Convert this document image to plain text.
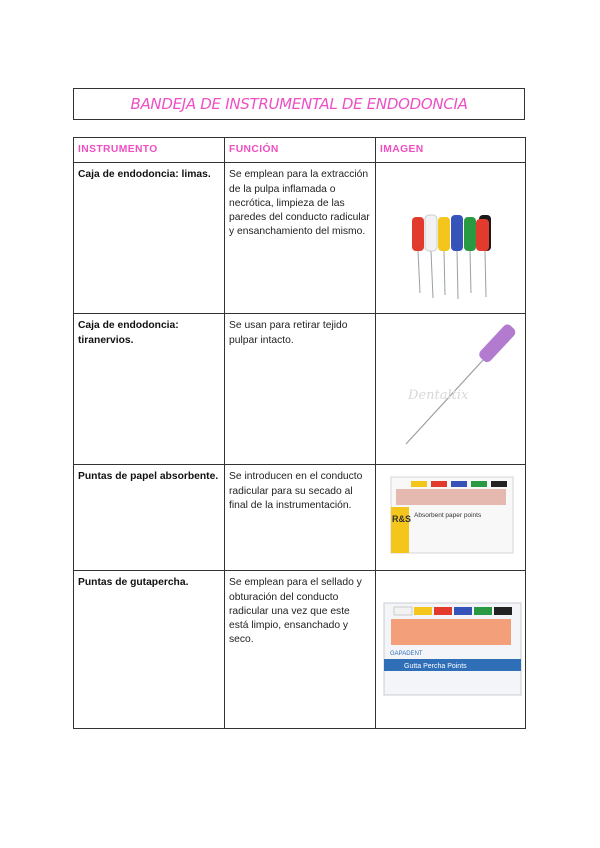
BANDEJA DE INSTRUMENTAL DE ENDODONCIA
INSTRUMENTO	FUNCIÓN	IMAGEN
Caja de endodoncia: limas.	Se emplean para la extracción de la pulpa inflamada o necrótica, limpieza de las paredes del conducto radicular y ensanchamiento del mismo.	

Caja de endodoncia: tiranervios.	Se usan para retirar tejido pulpar intacto.	Dentaltix

Puntas de papel absorbente.	Se introducen en el conducto radicular para su secado al final de la instrumentación.	R&S Absorbent paper points

Puntas de gutapercha.	Se emplean para el sellado y obturación del conducto radicular una vez que este está limpio, ensanchado y seco.	GAPADENT
Gutta Percha Points
